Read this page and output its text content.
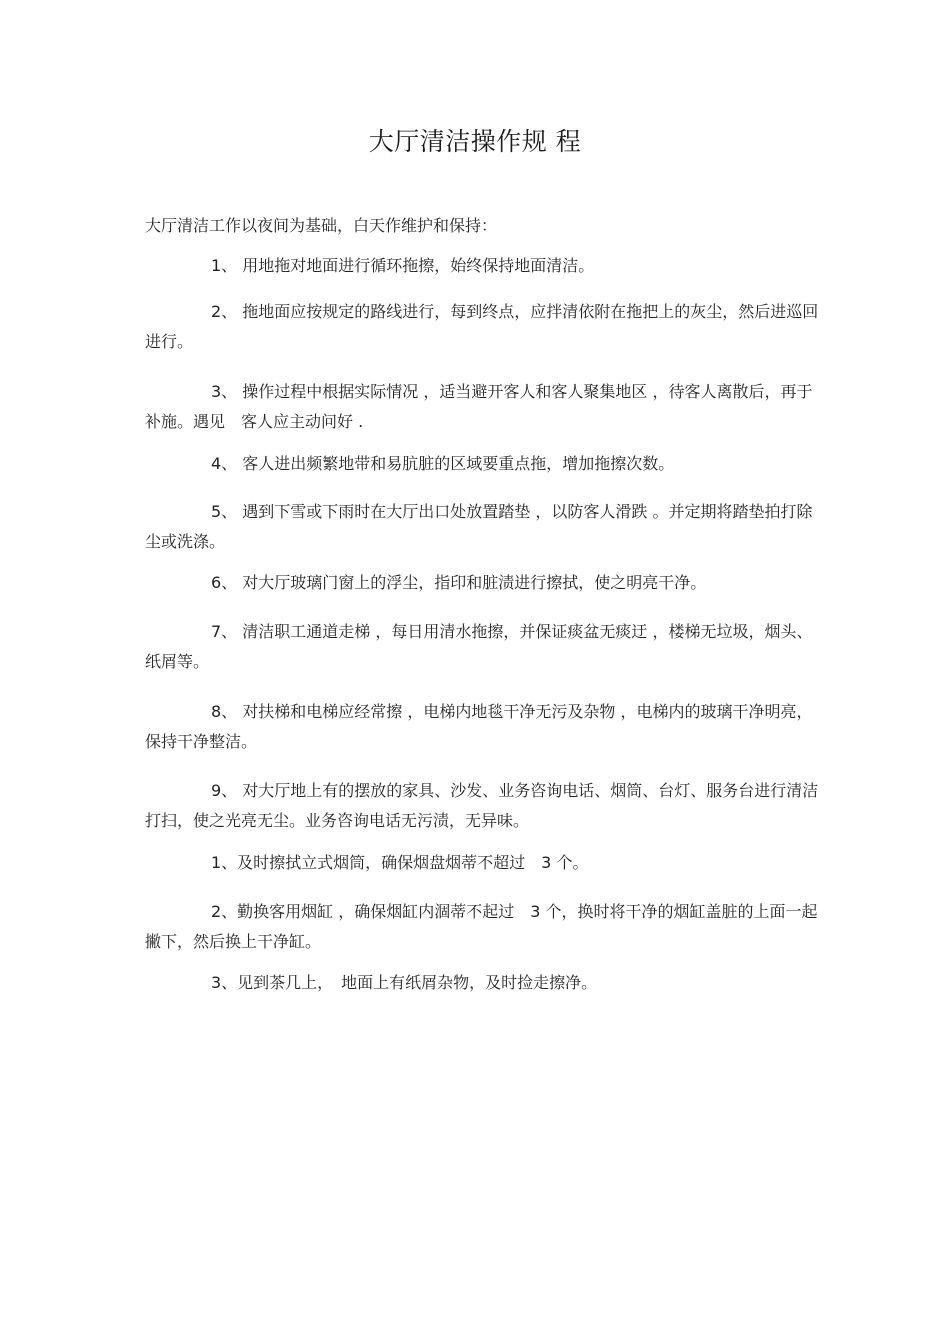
大厅清洁操作规 程
大厅清洁工作以夜间为基础，白天作维护和保持：
1、 用地拖对地面进行循环拖擦，始终保持地面清洁。
2、 拖地面应按规定的路线进行，每到终点，应拌清依附在拖把上的灰尘，然后进巡回进行。
3、 操作过程中根据实际情况 ，适当避开客人和客人聚集地区 ，待客人离散后，再于补施。遇见　客人应主动问好 .
4、 客人进出频繁地带和易肮脏的区域要重点拖，增加拖擦次数。
5、 遇到下雪或下雨时在大厅出口处放置踏垫 ，以防客人滑跌 。并定期将踏垫拍打除尘或洗涤。
6、 对大厅玻璃门窗上的浮尘，指印和脏渍进行擦拭，使之明亮干净。
7、 清洁职工通道走梯 ，每日用清水拖擦，并保证痰盆无痰迂 ，楼梯无垃圾，烟头、纸屑等。
8、 对扶梯和电梯应经常擦 ，电梯内地毯干净无污及杂物 ，电梯内的玻璃干净明亮，保持干净整洁。
9、 对大厅地上有的摆放的家具、沙发、业务咨询电话、烟筒、台灯、服务台进行清洁打扫，使之光亮无尘。业务咨询电话无污渍，无异味。
1、及时擦拭立式烟筒，确保烟盘烟蒂不超过　3 个。
2、勤换客用烟缸 ，确保烟缸内涸蒂不起过　3 个，换时将干净的烟缸盖脏的上面一起撇下，然后换上干净缸。
3、见到茶几上，　地面上有纸屑杂物，及时捡走擦净。
